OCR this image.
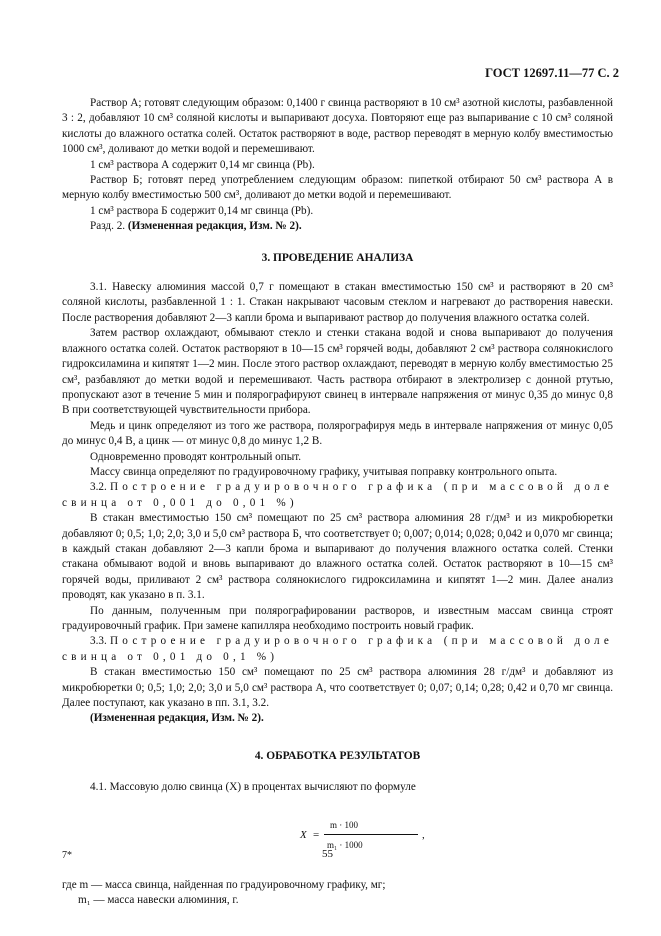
ГОСТ 12697.11—77 С. 2

Раствор А; готовят следующим образом: 0,1400 г свинца растворяют в 10 см³ азотной кислоты, разбавленной 3 : 2, добавляют 10 см³ соляной кислоты и выпаривают досуха. Повторяют еще раз выпаривание с 10 см³ соляной кислоты до влажного остатка солей. Остаток растворяют в воде, раствор переводят в мерную колбу вместимостью 1000 см³, доливают до метки водой и перемешивают.

1 см³ раствора А содержит 0,14 мг свинца (Pb).

Раствор Б; готовят перед употреблением следующим образом: пипеткой отбирают 50 см³ раствора А в мерную колбу вместимостью 500 см³, доливают до метки водой и перемешивают.

1 см³ раствора Б содержит 0,14 мг свинца (Pb).

Разд. 2. (Измененная редакция, Изм. № 2).

3. ПРОВЕДЕНИЕ АНАЛИЗА

3.1. Навеску алюминия массой 0,7 г помещают в стакан вместимостью 150 см³ и растворяют в 20 см³ соляной кислоты, разбавленной 1 : 1. Стакан накрывают часовым стеклом и нагревают до растворения навески. После растворения добавляют 2—3 капли брома и выпаривают раствор до получения влажного остатка солей.

Затем раствор охлаждают, обмывают стекло и стенки стакана водой и снова выпаривают до получения влажного остатка солей. Остаток растворяют в 10—15 см³ горячей воды, добавляют 2 см³ раствора солянокислого гидроксиламина и кипятят 1—2 мин. После этого раствор охлаждают, переводят в мерную колбу вместимостью 25 см³, разбавляют до метки водой и перемешивают. Часть раствора отбирают в электролизер с донной ртутью, пропускают азот в течение 5 мин и полярографируют свинец в интервале напряжения от минус 0,35 до минус 0,8 В при соответствующей чувствительности прибора.

Медь и цинк определяют из того же раствора, полярографируя медь в интервале напряжения от минус 0,05 до минус 0,4 В, а цинк — от минус 0,8 до минус 1,2 В.

Одновременно проводят контрольный опыт.

Массу свинца определяют по градуировочному графику, учитывая поправку контрольного опыта.

3.2. Построение градуировочного графика (при массовой доле свинца от 0,001 до 0,01 %)

В стакан вместимостью 150 см³ помещают по 25 см³ раствора алюминия 28 г/дм³ и из микробюретки добавляют 0; 0,5; 1,0; 2,0; 3,0 и 5,0 см³ раствора Б, что соответствует 0; 0,007; 0,014; 0,028; 0,042 и 0,070 мг свинца; в каждый стакан добавляют 2—3 капли брома и выпаривают до получения влажного остатка солей. Стенки стакана обмывают водой и вновь выпаривают до влажного остатка солей. Остаток растворяют в 10—15 см³ горячей воды, приливают 2 см³ раствора солянокислого гидроксиламина и кипятят 1—2 мин. Далее анализ проводят, как указано в п. 3.1.

По данным, полученным при полярографировании растворов, и известным массам свинца строят градуировочный график. При замене капилляра необходимо построить новый график.

3.3. Построение градуировочного графика (при массовой доле свинца от 0,01 до 0,1 %)

В стакан вместимостью 150 см³ помещают по 25 см³ раствора алюминия 28 г/дм³ и добавляют из микробюретки 0; 0,5; 1,0; 2,0; 3,0 и 5,0 см³ раствора А, что соответствует 0; 0,07; 0,14; 0,28; 0,42 и 0,70 мг свинца. Далее поступают, как указано в пп. 3.1, 3.2.

(Измененная редакция, Изм. № 2).

4. ОБРАБОТКА РЕЗУЛЬТАТОВ

4.1. Массовую долю свинца (X) в процентах вычисляют по формуле

X =
m · 100
m₁ · 1000
,

где m — масса свинца, найденная по градуировочному графику, мг;

m₁ — масса навески алюминия, г.

7*	55
